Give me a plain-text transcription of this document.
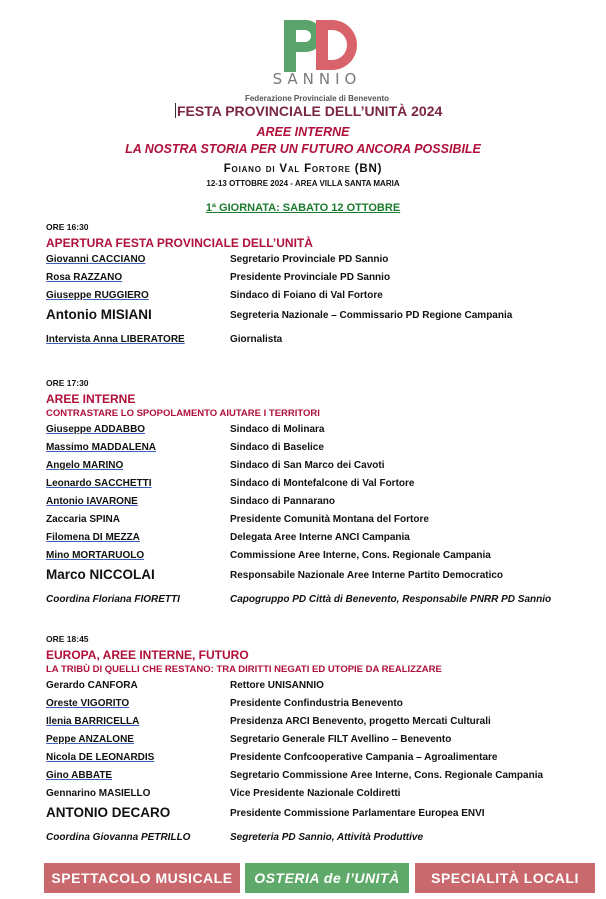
SANNIO
Federazione Provinciale di Benevento
FESTA PROVINCIALE DELL’UNITÀ 2024
AREE INTERNE
LA NOSTRA STORIA PER UN FUTURO ANCORA POSSIBILE
Foiano di Val Fortore (BN)
12-13 OTTOBRE 2024 - AREA VILLA SANTA MARIA
1ª GIORNATA: SABATO 12 OTTOBRE
ORE 16:30
APERTURA FESTA PROVINCIALE DELL’UNITÀ
Giovanni CACCIANO	Segretario Provinciale PD Sannio
Rosa RAZZANO	Presidente Provinciale PD Sannio
Giuseppe RUGGIERO	Sindaco di Foiano di Val Fortore
Antonio MISIANI	Segreteria Nazionale – Commissario PD Regione Campania
Intervista Anna LIBERATORE	Giornalista
ORE 17:30
AREE INTERNE
CONTRASTARE LO SPOPOLAMENTO AIUTARE I TERRITORI
Giuseppe ADDABBO	Sindaco di Molinara
Massimo MADDALENA	Sindaco di Baselice
Angelo MARINO	Sindaco di San Marco dei Cavoti
Leonardo SACCHETTI	Sindaco di Montefalcone di Val Fortore
Antonio IAVARONE	Sindaco di Pannarano
Zaccaria SPINA	Presidente Comunità Montana del Fortore
Filomena DI MEZZA	Delegata Aree Interne ANCI Campania
Mino MORTARUOLO	Commissione Aree Interne, Cons. Regionale Campania
Marco NICCOLAI	Responsabile Nazionale Aree Interne Partito Democratico
Coordina Floriana FIORETTI	Capogruppo PD Città di Benevento, Responsabile PNRR PD Sannio
ORE 18:45
EUROPA, AREE INTERNE, FUTURO
LA TRIBÙ DI QUELLI CHE RESTANO: TRA DIRITTI NEGATI ED UTOPIE DA REALIZZARE
Gerardo CANFORA	Rettore UNISANNIO
Oreste VIGORITO	Presidente Confindustria Benevento
Ilenia BARRICELLA	Presidenza ARCI Benevento, progetto Mercati Culturali
Peppe ANZALONE	Segretario Generale FILT Avellino – Benevento
Nicola DE LEONARDIS	Presidente Confcooperative Campania – Agroalimentare
Gino ABBATE	Segretario Commissione Aree Interne, Cons. Regionale Campania
Gennarino MASIELLO	Vice Presidente Nazionale Coldiretti
ANTONIO DECARO	Presidente Commissione Parlamentare Europea ENVI
Coordina Giovanna PETRILLO	Segreteria PD Sannio, Attività Produttive
SPETTACOLO MUSICALE	OSTERIA de l’UNITÀ	SPECIALITÀ LOCALI
